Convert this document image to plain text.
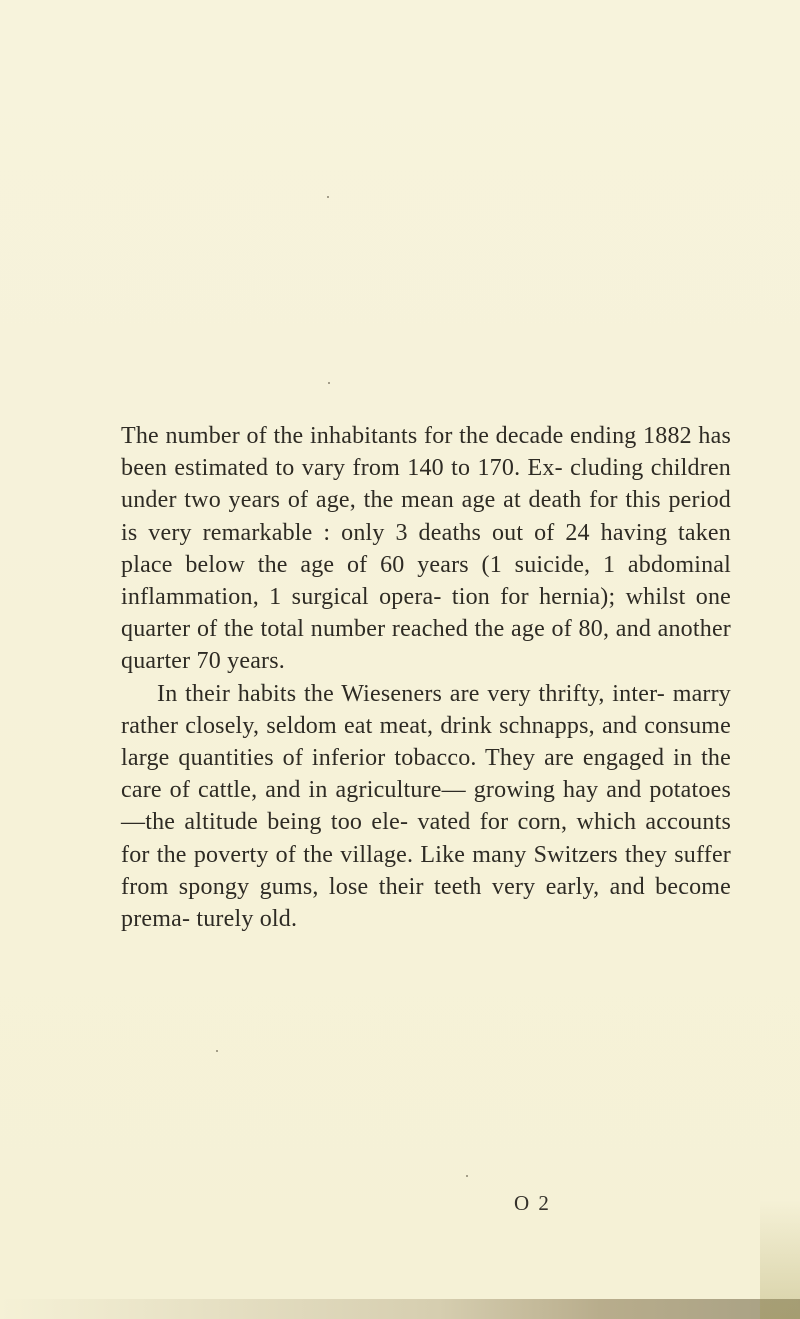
The number of the inhabitants for the decade ending 1882 has been estimated to vary from 140 to 170. Ex- cluding children under two years of age, the mean age at death for this period is very remarkable : only 3 deaths out of 24 having taken place below the age of 60 years (1 suicide, 1 abdominal inflammation, 1 surgical opera- tion for hernia); whilst one quarter of the total number reached the age of 80, and another quarter 70 years.

In their habits the Wieseners are very thrifty, inter- marry rather closely, seldom eat meat, drink schnapps, and consume large quantities of inferior tobacco. They are engaged in the care of cattle, and in agriculture— growing hay and potatoes—the altitude being too ele- vated for corn, which accounts for the poverty of the village. Like many Switzers they suffer from spongy gums, lose their teeth very early, and become prema- turely old.

O 2
